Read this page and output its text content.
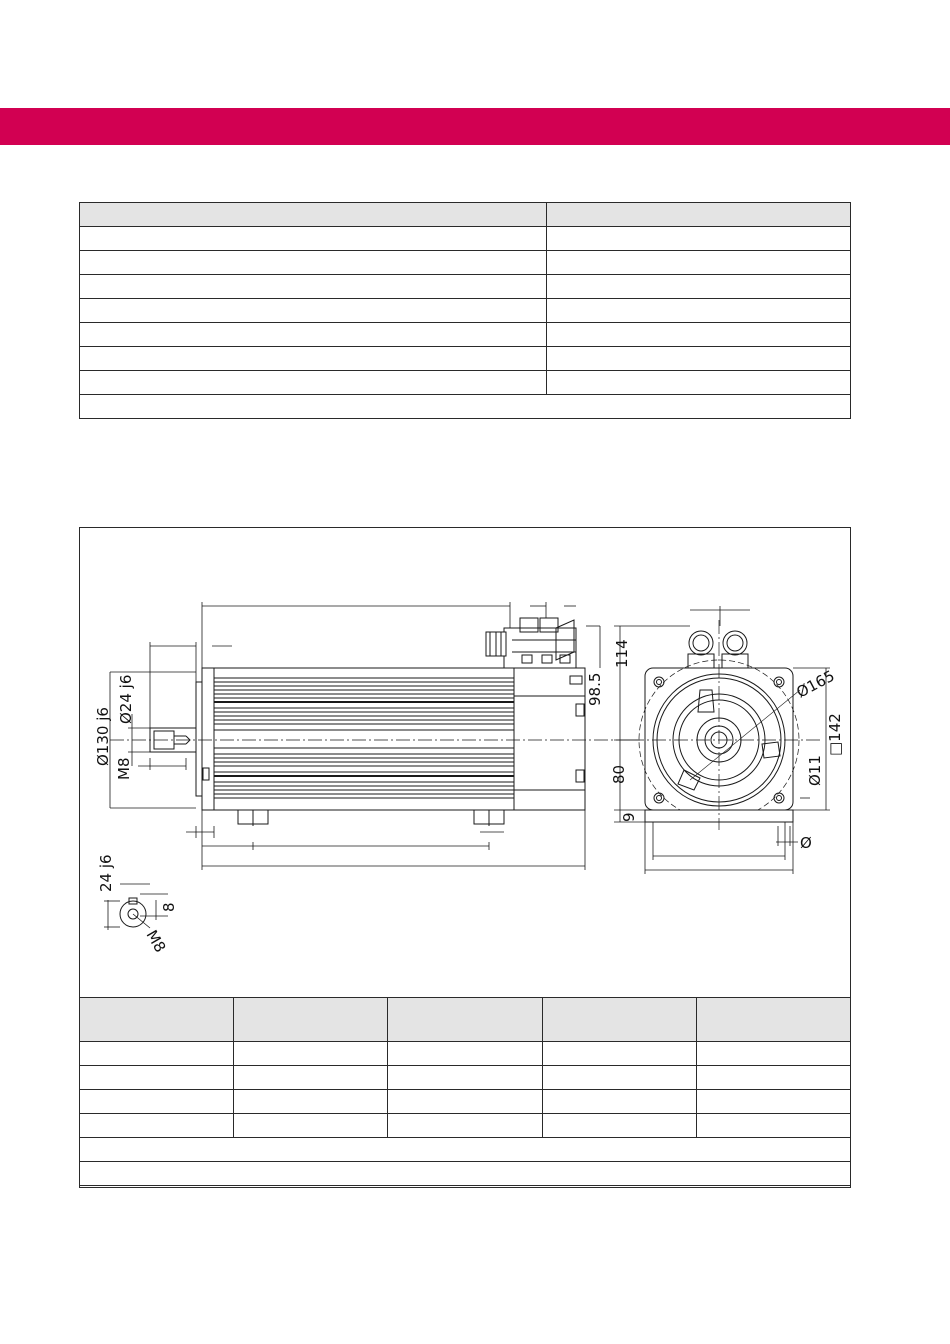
Ø24 j6
Ø130 j6
M8
114
98.5
80
9
Ø165
□142
Ø11
Ø
24 j6
8
M8
